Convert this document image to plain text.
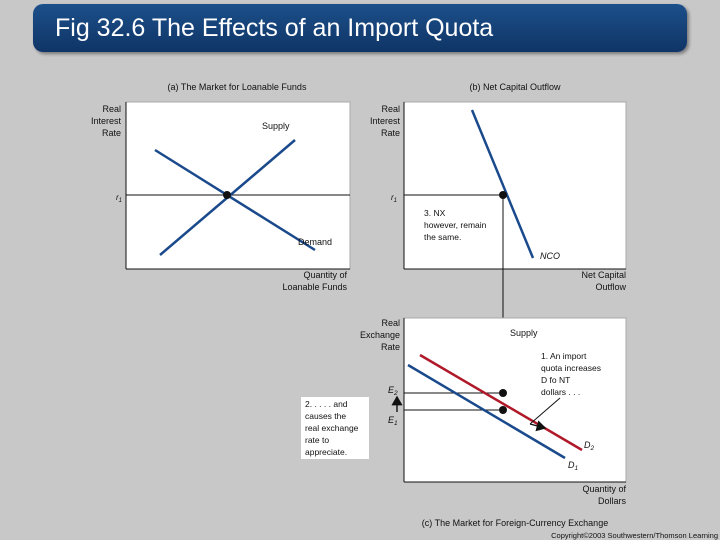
Fig 32.6 The Effects of an Import Quota
(a) The Market for Loanable Funds
Real
Interest
Rate
$r_1$
Supply
Demand
Quantity of
Loanable Funds
(b) Net Capital Outflow
Real
Interest
Rate
$r_1$
3. NX
however, remain
the same.
NCO
Net Capital
Outflow
Real
Exchange
Rate
Supply
$E_2$
$E_1$
1. An import
quota increases
D fo NT
dollars . . .
$D_2$
$D_1$
2. . . . . and
causes the
real exchange
rate to
appreciate.
Quantity of
Dollars
(c) The Market for Foreign-Currency Exchange
Copyright©2003 Southwestern/Thomson Learning
